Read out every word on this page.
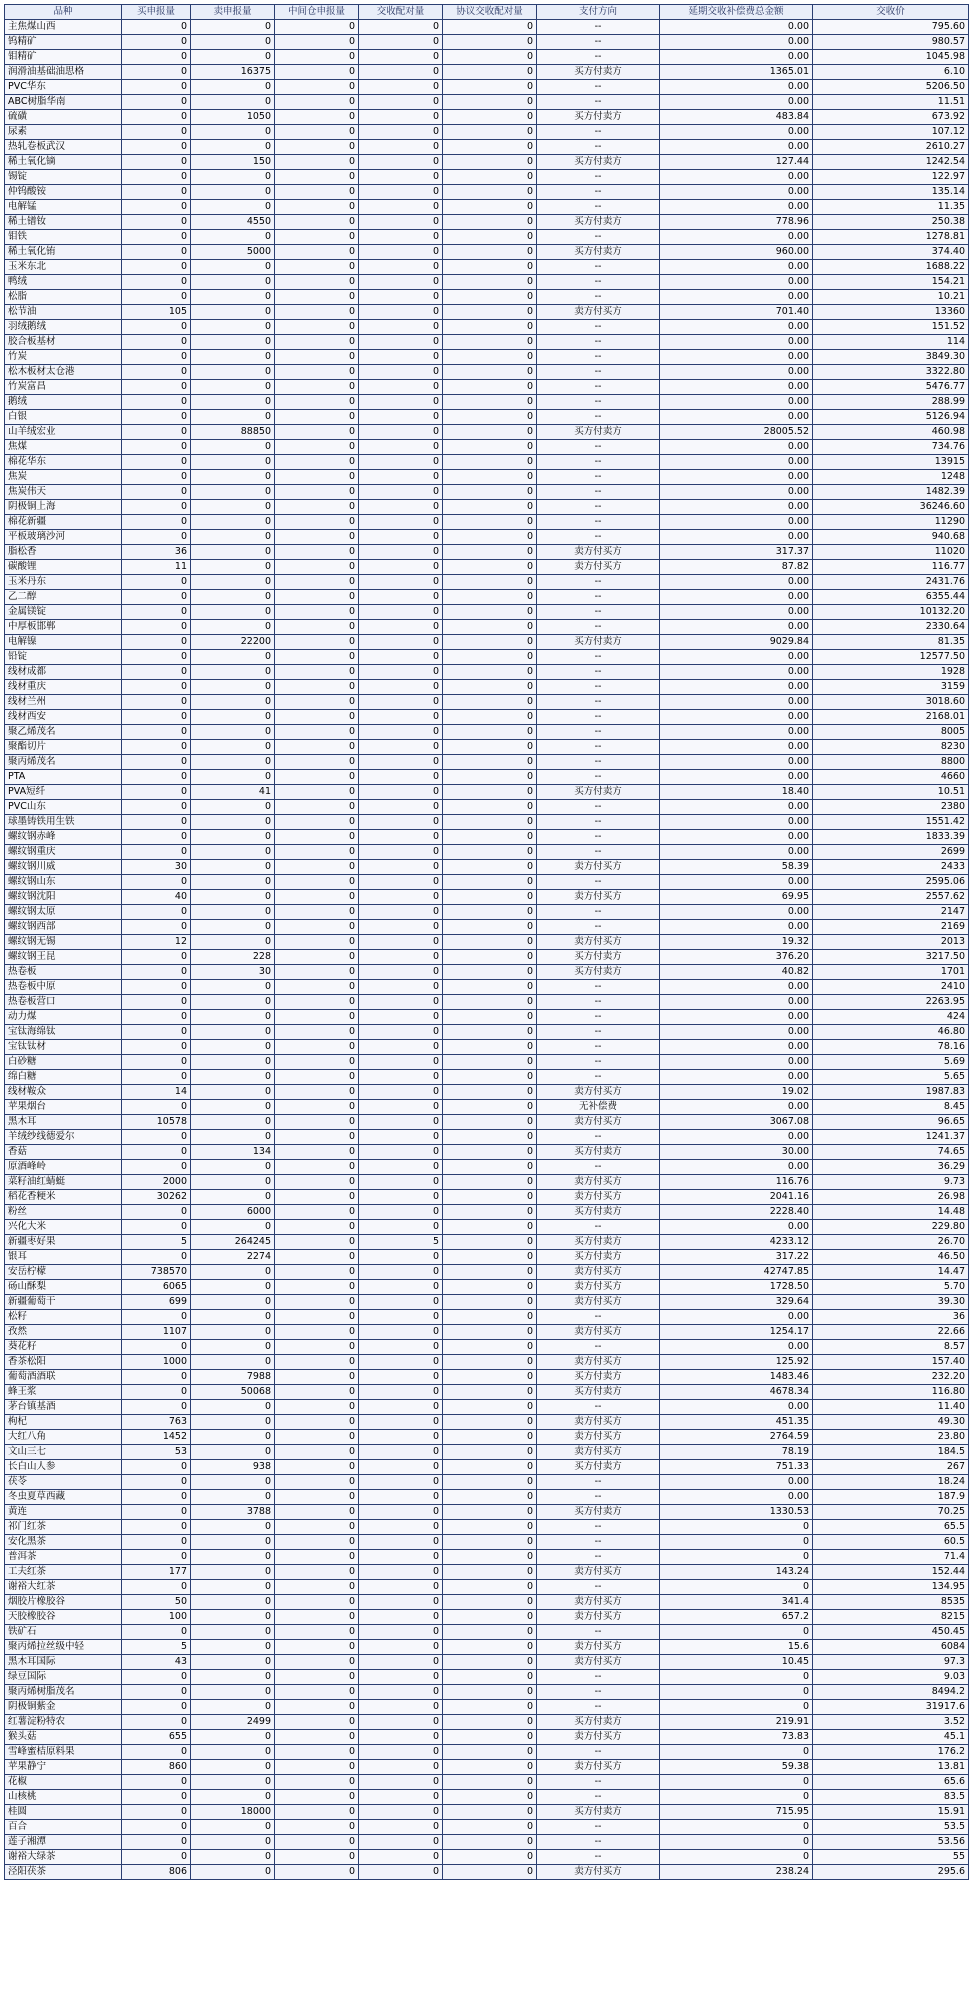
品种	买申报量	卖申报量	中间仓申报量	交收配对量	协议交收配对量	支付方向	延期交收补偿费总金额	交收价
主焦煤山西	0	0	0	0	0	--	0.00	795.60
钨精矿	0	0	0	0	0	--	0.00	980.57
钼精矿	0	0	0	0	0	--	0.00	1045.98
润滑油基础油思格	0	16375	0	0	0	买方付卖方	1365.01	6.10
PVC华东	0	0	0	0	0	--	0.00	5206.50
ABC树脂华南	0	0	0	0	0	--	0.00	11.51
硫磺	0	1050	0	0	0	买方付卖方	483.84	673.92
尿素	0	0	0	0	0	--	0.00	107.12
热轧卷板武汉	0	0	0	0	0	--	0.00	2610.27
稀土氧化镝	0	150	0	0	0	买方付卖方	127.44	1242.54
锡锭	0	0	0	0	0	--	0.00	122.97
仲钨酸铵	0	0	0	0	0	--	0.00	135.14
电解锰	0	0	0	0	0	--	0.00	11.35
稀土镨钕	0	4550	0	0	0	买方付卖方	778.96	250.38
钼铁	0	0	0	0	0	--	0.00	1278.81
稀土氧化铕	0	5000	0	0	0	买方付卖方	960.00	374.40
玉米东北	0	0	0	0	0	--	0.00	1688.22
鸭绒	0	0	0	0	0	--	0.00	154.21
松脂	0	0	0	0	0	--	0.00	10.21
松节油	105	0	0	0	0	卖方付买方	701.40	13360
羽绒鹅绒	0	0	0	0	0	--	0.00	151.52
胶合板基材	0	0	0	0	0	--	0.00	114
竹炭	0	0	0	0	0	--	0.00	3849.30
松木板材太仓港	0	0	0	0	0	--	0.00	3322.80
竹炭富昌	0	0	0	0	0	--	0.00	5476.77
鹅绒	0	0	0	0	0	--	0.00	288.99
白银	0	0	0	0	0	--	0.00	5126.94
山羊绒宏业	0	88850	0	0	0	买方付卖方	28005.52	460.98
焦煤	0	0	0	0	0	--	0.00	734.76
棉花华东	0	0	0	0	0	--	0.00	13915
焦炭	0	0	0	0	0	--	0.00	1248
焦炭伟天	0	0	0	0	0	--	0.00	1482.39
阴极铜上海	0	0	0	0	0	--	0.00	36246.60
棉花新疆	0	0	0	0	0	--	0.00	11290
平板玻璃沙河	0	0	0	0	0	--	0.00	940.68
脂松香	36	0	0	0	0	卖方付买方	317.37	11020
碳酸锂	11	0	0	0	0	卖方付买方	87.82	116.77
玉米丹东	0	0	0	0	0	--	0.00	2431.76
乙二醇	0	0	0	0	0	--	0.00	6355.44
金属镁锭	0	0	0	0	0	--	0.00	10132.20
中厚板邯郸	0	0	0	0	0	--	0.00	2330.64
电解镍	0	22200	0	0	0	买方付卖方	9029.84	81.35
铅锭	0	0	0	0	0	--	0.00	12577.50
线材成都	0	0	0	0	0	--	0.00	1928
线材重庆	0	0	0	0	0	--	0.00	3159
线材兰州	0	0	0	0	0	--	0.00	3018.60
线材西安	0	0	0	0	0	--	0.00	2168.01
聚乙烯茂名	0	0	0	0	0	--	0.00	8005
聚酯切片	0	0	0	0	0	--	0.00	8230
聚丙烯茂名	0	0	0	0	0	--	0.00	8800
PTA	0	0	0	0	0	--	0.00	4660
PVA短纤	0	41	0	0	0	买方付卖方	18.40	10.51
PVC山东	0	0	0	0	0	--	0.00	2380
球墨铸铁用生铁	0	0	0	0	0	--	0.00	1551.42
螺纹钢赤峰	0	0	0	0	0	--	0.00	1833.39
螺纹钢重庆	0	0	0	0	0	--	0.00	2699
螺纹钢川威	30	0	0	0	0	卖方付买方	58.39	2433
螺纹钢山东	0	0	0	0	0	--	0.00	2595.06
螺纹钢沈阳	40	0	0	0	0	卖方付买方	69.95	2557.62
螺纹钢太原	0	0	0	0	0	--	0.00	2147
螺纹钢西部	0	0	0	0	0	--	0.00	2169
螺纹钢无锡	12	0	0	0	0	卖方付买方	19.32	2013
螺纹钢王昆	0	228	0	0	0	买方付卖方	376.20	3217.50
热卷板	0	30	0	0	0	买方付卖方	40.82	1701
热卷板中原	0	0	0	0	0	--	0.00	2410
热卷板营口	0	0	0	0	0	--	0.00	2263.95
动力煤	0	0	0	0	0	--	0.00	424
宝钛海绵钛	0	0	0	0	0	--	0.00	46.80
宝钛钛材	0	0	0	0	0	--	0.00	78.16
白砂糖	0	0	0	0	0	--	0.00	5.69
绵白糖	0	0	0	0	0	--	0.00	5.65
线材鞍众	14	0	0	0	0	卖方付买方	19.02	1987.83
苹果烟台	0	0	0	0	0	无补偿费	0.00	8.45
黑木耳	10578	0	0	0	0	卖方付买方	3067.08	96.65
羊绒纱线德爱尔	0	0	0	0	0	--	0.00	1241.37
香菇	0	134	0	0	0	买方付卖方	30.00	74.65
原酒峰岭	0	0	0	0	0	--	0.00	36.29
菜籽油红蜻蜓	2000	0	0	0	0	卖方付买方	116.76	9.73
稻花香粳米	30262	0	0	0	0	卖方付买方	2041.16	26.98
粉丝	0	6000	0	0	0	买方付卖方	2228.40	14.48
兴化大米	0	0	0	0	0	--	0.00	229.80
新疆枣好果	5	264245	0	5	0	买方付卖方	4233.12	26.70
银耳	0	2274	0	0	0	买方付卖方	317.22	46.50
安岳柠檬	738570	0	0	0	0	卖方付买方	42747.85	14.47
砀山酥梨	6065	0	0	0	0	卖方付买方	1728.50	5.70
新疆葡萄干	699	0	0	0	0	卖方付买方	329.64	39.30
松籽	0	0	0	0	0	--	0.00	36
孜然	1107	0	0	0	0	卖方付买方	1254.17	22.66
葵花籽	0	0	0	0	0	--	0.00	8.57
香茶松阳	1000	0	0	0	0	卖方付买方	125.92	157.40
葡萄酒酒联	0	7988	0	0	0	买方付卖方	1483.46	232.20
蜂王浆	0	50068	0	0	0	买方付卖方	4678.34	116.80
茅台镇基酒	0	0	0	0	0	--	0.00	11.40
枸杞	763	0	0	0	0	卖方付买方	451.35	49.30
大红八角	1452	0	0	0	0	卖方付买方	2764.59	23.80
文山三七	53	0	0	0	0	卖方付买方	78.19	184.5
长白山人参	0	938	0	0	0	买方付卖方	751.33	267
茯苓	0	0	0	0	0	--	0.00	18.24
冬虫夏草西藏	0	0	0	0	0	--	0.00	187.9
黄连	0	3788	0	0	0	买方付卖方	1330.53	70.25
祁门红茶	0	0	0	0	0	--	0	65.5
安化黑茶	0	0	0	0	0	--	0	60.5
普洱茶	0	0	0	0	0	--	0	71.4
工夫红茶	177	0	0	0	0	卖方付买方	143.24	152.44
谢裕大红茶	0	0	0	0	0	--	0	134.95
烟胶片橡胶谷	50	0	0	0	0	卖方付买方	341.4	8535
天胶橡胶谷	100	0	0	0	0	卖方付买方	657.2	8215
铁矿石	0	0	0	0	0	--	0	450.45
聚丙烯拉丝级中轻	5	0	0	0	0	卖方付买方	15.6	6084
黑木耳国际	43	0	0	0	0	卖方付买方	10.45	97.3
绿豆国际	0	0	0	0	0	--	0	9.03
聚丙烯树脂茂名	0	0	0	0	0	--	0	8494.2
阴极铜紫金	0	0	0	0	0	--	0	31917.6
红薯淀粉特农	0	2499	0	0	0	买方付卖方	219.91	3.52
猴头菇	655	0	0	0	0	卖方付买方	73.83	45.1
雪峰蜜桔原料果	0	0	0	0	0	--	0	176.2
苹果静宁	860	0	0	0	0	卖方付买方	59.38	13.81
花椒	0	0	0	0	0	--	0	65.6
山核桃	0	0	0	0	0	--	0	83.5
桂圆	0	18000	0	0	0	买方付卖方	715.95	15.91
百合	0	0	0	0	0	--	0	53.5
莲子湘潭	0	0	0	0	0	--	0	53.56
谢裕大绿茶	0	0	0	0	0	--	0	55
泾阳茯茶	806	0	0	0	0	卖方付买方	238.24	295.6
